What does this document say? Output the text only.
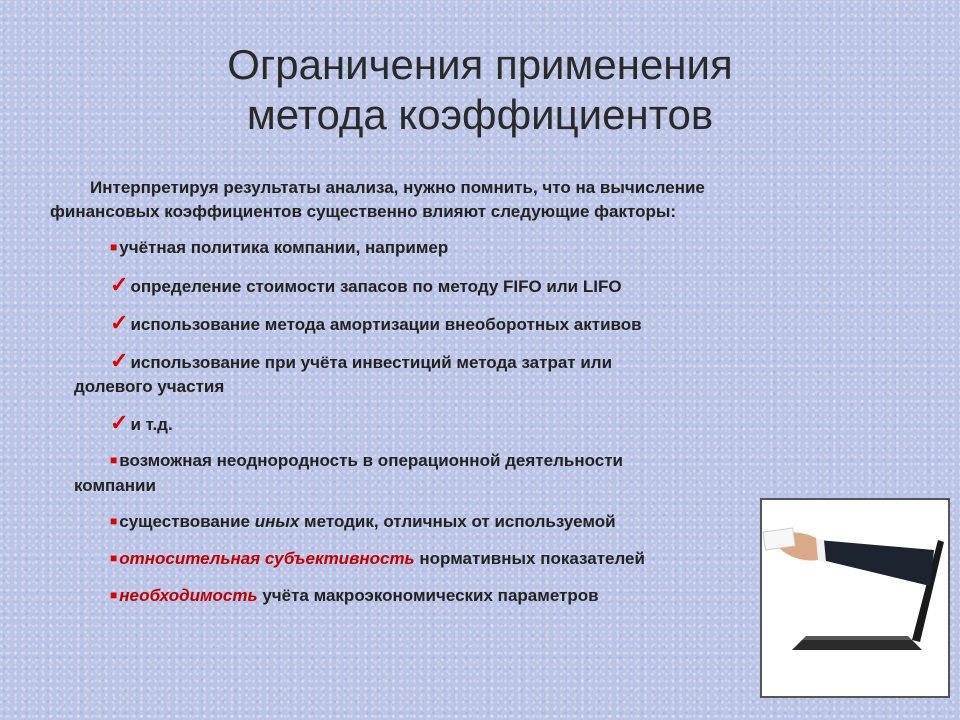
Ограничения применения
метода коэффициентов
Интерпретируя результаты анализа, нужно помнить, что на вычисление финансовых коэффициентов существенно влияют следующие факторы:
■ учётная политика компании, например
✓ определение стоимости запасов по методу FIFO или LIFO
✓ использование метода амортизации внеоборотных активов
✓ использование при учёта инвестиций метода затрат или
долевого участия
✓ и т.д.
■ возможная неоднородность в операционной деятельности
компании
■ существование иных методик, отличных от используемой
■ относительная субъективность нормативных показателей
■ необходимость учёта макроэкономических параметров
